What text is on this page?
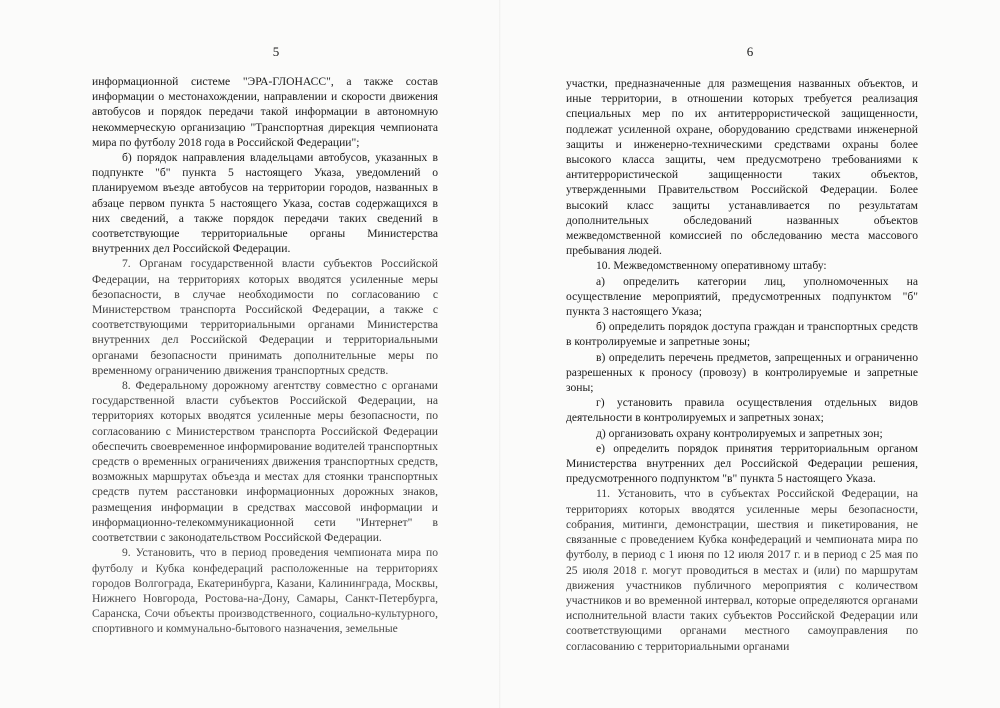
5

информационной системе "ЭРА-ГЛОНАСС", а также состав информации о местонахождении, направлении и скорости движения автобусов и порядок передачи такой информации в автономную некоммерческую организацию "Транспортная дирекция чемпионата мира по футболу 2018 года в Российской Федерации";

б) порядок направления владельцами автобусов, указанных в подпункте "б" пункта 5 настоящего Указа, уведомлений о планируемом въезде автобусов на территории городов, названных в абзаце первом пункта 5 настоящего Указа, состав содержащихся в них сведений, а также порядок передачи таких сведений в соответствующие территориальные органы Министерства внутренних дел Российской Федерации.

7. Органам государственной власти субъектов Российской Федерации, на территориях которых вводятся усиленные меры безопасности, в случае необходимости по согласованию с Министерством транспорта Российской Федерации, а также с соответствующими территориальными органами Министерства внутренних дел Российской Федерации и территориальными органами безопасности принимать дополнительные меры по временному ограничению движения транспортных средств.

8. Федеральному дорожному агентству совместно с органами государственной власти субъектов Российской Федерации, на территориях которых вводятся усиленные меры безопасности, по согласованию с Министерством транспорта Российской Федерации обеспечить своевременное информирование водителей транспортных средств о временных ограничениях движения транспортных средств, возможных маршрутах объезда и местах для стоянки транспортных средств путем расстановки информационных дорожных знаков, размещения информации в средствах массовой информации и информационно-телекоммуникационной сети "Интернет" в соответствии с законодательством Российской Федерации.

9. Установить, что в период проведения чемпионата мира по футболу и Кубка конфедераций расположенные на территориях городов Волгограда, Екатеринбурга, Казани, Калининграда, Москвы, Нижнего Новгорода, Ростова-на-Дону, Самары, Санкт-Петербурга, Саранска, Сочи объекты производственного, социально-культурного, спортивного и коммунально-бытового назначения, земельные

6

участки, предназначенные для размещения названных объектов, и иные территории, в отношении которых требуется реализация специальных мер по их антитеррористической защищенности, подлежат усиленной охране, оборудованию средствами инженерной защиты и инженерно-техническими средствами охраны более высокого класса защиты, чем предусмотрено требованиями к антитеррористической защищенности таких объектов, утвержденными Правительством Российской Федерации. Более высокий класс защиты устанавливается по результатам дополнительных обследований названных объектов межведомственной комиссией по обследованию места массового пребывания людей.

10. Межведомственному оперативному штабу:

а) определить категории лиц, уполномоченных на осуществление мероприятий, предусмотренных подпунктом "б" пункта 3 настоящего Указа;

б) определить порядок доступа граждан и транспортных средств в контролируемые и запретные зоны;

в) определить перечень предметов, запрещенных и ограниченно разрешенных к проносу (провозу) в контролируемые и запретные зоны;

г) установить правила осуществления отдельных видов деятельности в контролируемых и запретных зонах;

д) организовать охрану контролируемых и запретных зон;

е) определить порядок принятия территориальным органом Министерства внутренних дел Российской Федерации решения, предусмотренного подпунктом "в" пункта 5 настоящего Указа.

11. Установить, что в субъектах Российской Федерации, на территориях которых вводятся усиленные меры безопасности, собрания, митинги, демонстрации, шествия и пикетирования, не связанные с проведением Кубка конфедераций и чемпионата мира по футболу, в период с 1 июня по 12 июля 2017 г. и в период с 25 мая по 25 июля 2018 г. могут проводиться в местах и (или) по маршрутам движения участников публичного мероприятия с количеством участников и во временной интервал, которые определяются органами исполнительной власти таких субъектов Российской Федерации или соответствующими органами местного самоуправления по согласованию с территориальными органами
